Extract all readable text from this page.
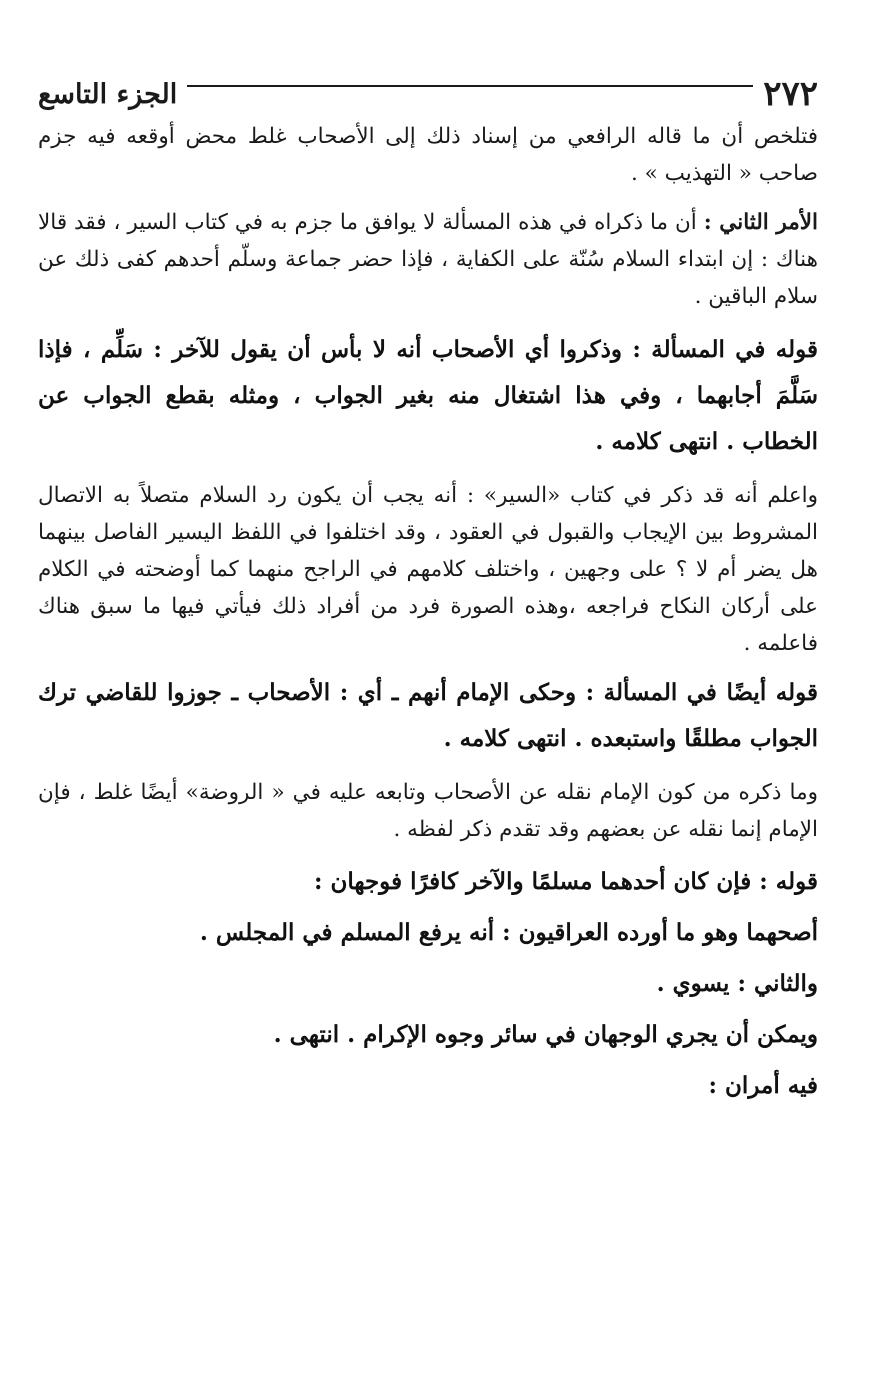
٢٧٢
الجزء التاسع

فتلخص أن ما قاله الرافعي من إسناد ذلك إلى الأصحاب غلط محض أوقعه فيه جزم صاحب « التهذيب » .

الأمر الثاني : أن ما ذكراه في هذه المسألة لا يوافق ما جزم به في كتاب السير ، فقد قالا هناك : إن ابتداء السلام سُنّة على الكفاية ، فإذا حضر جماعة وسلّم أحدهم كفى ذلك عن سلام الباقين .

قوله في المسألة : وذكروا أي الأصحاب أنه لا بأس أن يقول للآخر : سَلِّم ، فإذا سَلَّمَ أجابهما ، وفي هذا اشتغال منه بغير الجواب ، ومثله بقطع الجواب عن الخطاب . انتهى كلامه .

واعلم أنه قد ذكر في كتاب «السير» : أنه يجب أن يكون رد السلام متصلاً به الاتصال المشروط بين الإيجاب والقبول في العقود ، وقد اختلفوا في اللفظ اليسير الفاصل بينهما هل يضر أم لا ؟ على وجهين ، واختلف كلامهم في الراجح منهما كما أوضحته في الكلام على أركان النكاح فراجعه ،وهذه الصورة فرد من أفراد ذلك فيأتي فيها ما سبق هناك فاعلمه .

قوله أيضًا في المسألة : وحكى الإمام أنهم ـ أي : الأصحاب ـ جوزوا للقاضي ترك الجواب مطلقًا واستبعده . انتهى كلامه .

وما ذكره من كون الإمام نقله عن الأصحاب وتابعه عليه في « الروضة» أيضًا غلط ، فإن الإمام إنما نقله عن بعضهم وقد تقدم ذكر لفظه .

قوله : فإن كان أحدهما مسلمًا والآخر كافرًا فوجهان :

أصحهما وهو ما أورده العراقيون : أنه يرفع المسلم في المجلس .

والثاني : يسوي .

ويمكن أن يجري الوجهان في سائر وجوه الإكرام . انتهى .

فيه أمران :
